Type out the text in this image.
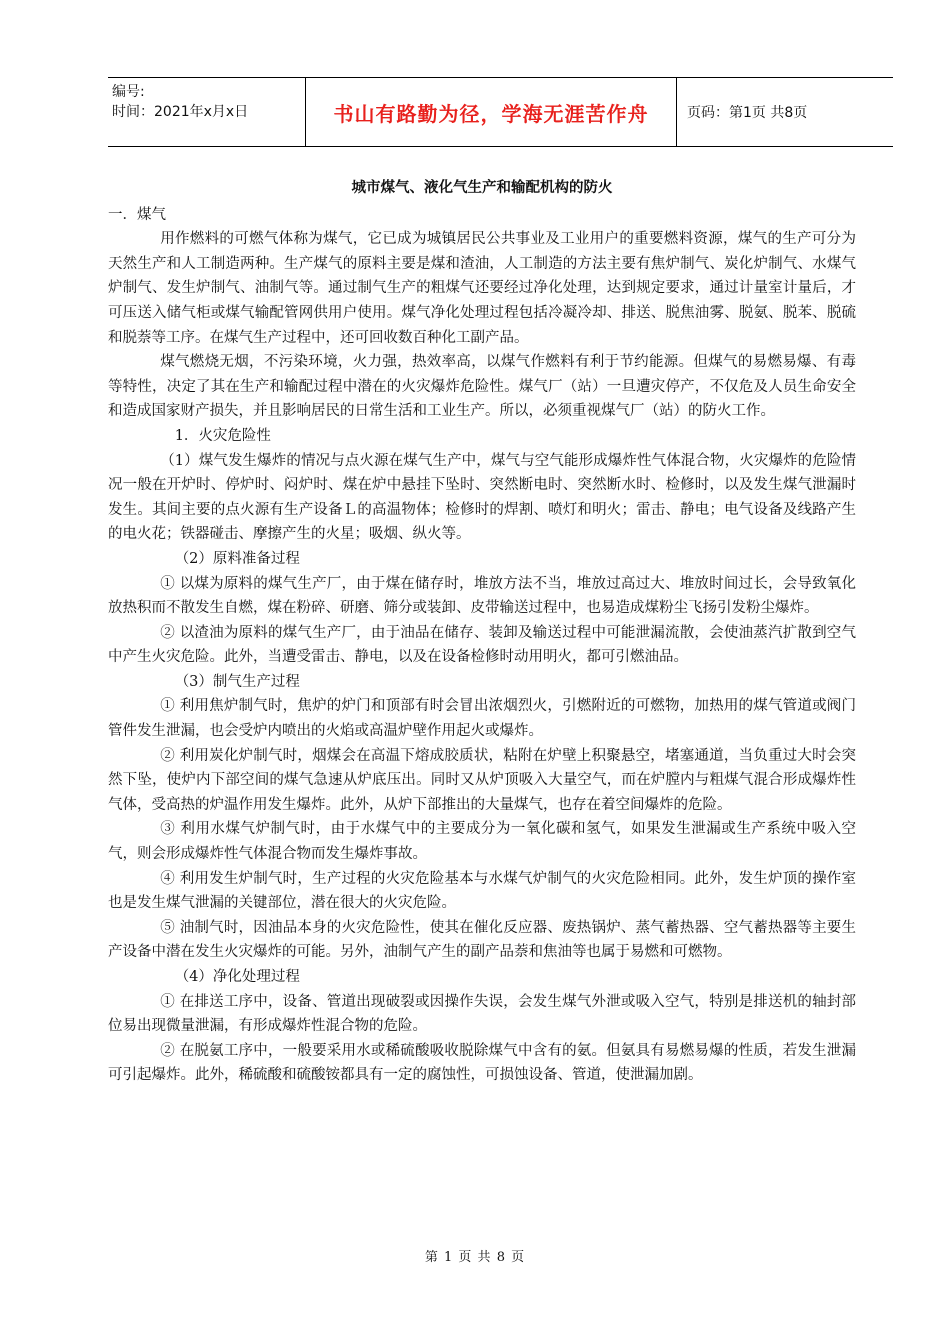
编号:
时间：2021年x月x日	书山有路勤为径，学海无涯苦作舟	页码：第1页 共8页
城市煤气、液化气生产和输配机构的防火

一．煤气

用作燃料的可燃气体称为煤气，它已成为城镇居民公共事业及工业用户的重要燃料资源，煤气的生产可分为天然生产和人工制造两种。生产煤气的原料主要是煤和渣油，人工制造的方法主要有焦炉制气、炭化炉制气、水煤气炉制气、发生炉制气、油制气等。通过制气生产的粗煤气还要经过净化处理，达到规定要求，通过计量室计量后，才可压送入储气柜或煤气输配管网供用户使用。煤气净化处理过程包括冷凝冷却、排送、脱焦油雾、脱氨、脱苯、脱硫和脱萘等工序。在煤气生产过程中，还可回收数百种化工副产品。

煤气燃烧无烟，不污染环境，火力强，热效率高，以煤气作燃料有利于节约能源。但煤气的易燃易爆、有毒等特性，决定了其在生产和输配过程中潜在的火灾爆炸危险性。煤气厂（站）一旦遭灾停产，不仅危及人员生命安全和造成国家财产损失，并且影响居民的日常生活和工业生产。所以，必须重视煤气厂（站）的防火工作。

1．火灾危险性

（1）煤气发生爆炸的情况与点火源在煤气生产中，煤气与空气能形成爆炸性气体混合物，火灾爆炸的危险情况一般在开炉时、停炉时、闷炉时、煤在炉中悬挂下坠时、突然断电时、突然断水时、检修时，以及发生煤气泄漏时发生。其间主要的点火源有生产设备Ｌ的高温物体；检修时的焊割、喷灯和明火；雷击、静电；电气设备及线路产生的电火花；铁器碰击、摩擦产生的火星；吸烟、纵火等。

（2）原料准备过程

① 以煤为原料的煤气生产厂，由于煤在储存时，堆放方法不当，堆放过高过大、堆放时间过长，会导致氧化放热积而不散发生自燃，煤在粉碎、研磨、筛分或装卸、皮带输送过程中，也易造成煤粉尘飞扬引发粉尘爆炸。

② 以渣油为原料的煤气生产厂，由于油品在储存、装卸及输送过程中可能泄漏流散，会使油蒸汽扩散到空气中产生火灾危险。此外，当遭受雷击、静电，以及在设备检修时动用明火，都可引燃油品。

（3）制气生产过程

① 利用焦炉制气时，焦炉的炉门和顶部有时会冒出浓烟烈火，引燃附近的可燃物，加热用的煤气管道或阀门管件发生泄漏，也会受炉内喷出的火焰或高温炉壁作用起火或爆炸。

② 利用炭化炉制气时，烟煤会在高温下熔成胶质状，粘附在炉壁上积聚悬空，堵塞通道，当负重过大时会突然下坠，使炉内下部空间的煤气急速从炉底压出。同时又从炉顶吸入大量空气，而在炉膛内与粗煤气混合形成爆炸性气体，受高热的炉温作用发生爆炸。此外，从炉下部推出的大量煤气，也存在着空间爆炸的危险。

③ 利用水煤气炉制气时，由于水煤气中的主要成分为一氧化碳和氢气，如果发生泄漏或生产系统中吸入空气，则会形成爆炸性气体混合物而发生爆炸事故。

④ 利用发生炉制气时，生产过程的火灾危险基本与水煤气炉制气的火灾危险相同。此外，发生炉顶的操作室也是发生煤气泄漏的关键部位，潜在很大的火灾危险。

⑤ 油制气时，因油品本身的火灾危险性，使其在催化反应器、废热锅炉、蒸气蓄热器、空气蓄热器等主要生产设备中潜在发生火灾爆炸的可能。另外，油制气产生的副产品萘和焦油等也属于易燃和可燃物。

（4）净化处理过程

① 在排送工序中，设备、管道出现破裂或因操作失误，会发生煤气外泄或吸入空气，特别是排送机的轴封部位易出现微量泄漏，有形成爆炸性混合物的危险。

② 在脱氨工序中，一般要采用水或稀硫酸吸收脱除煤气中含有的氨。但氨具有易燃易爆的性质，若发生泄漏可引起爆炸。此外，稀硫酸和硫酸铵都具有一定的腐蚀性，可损蚀设备、管道，使泄漏加剧。

第 1 页 共 8 页
